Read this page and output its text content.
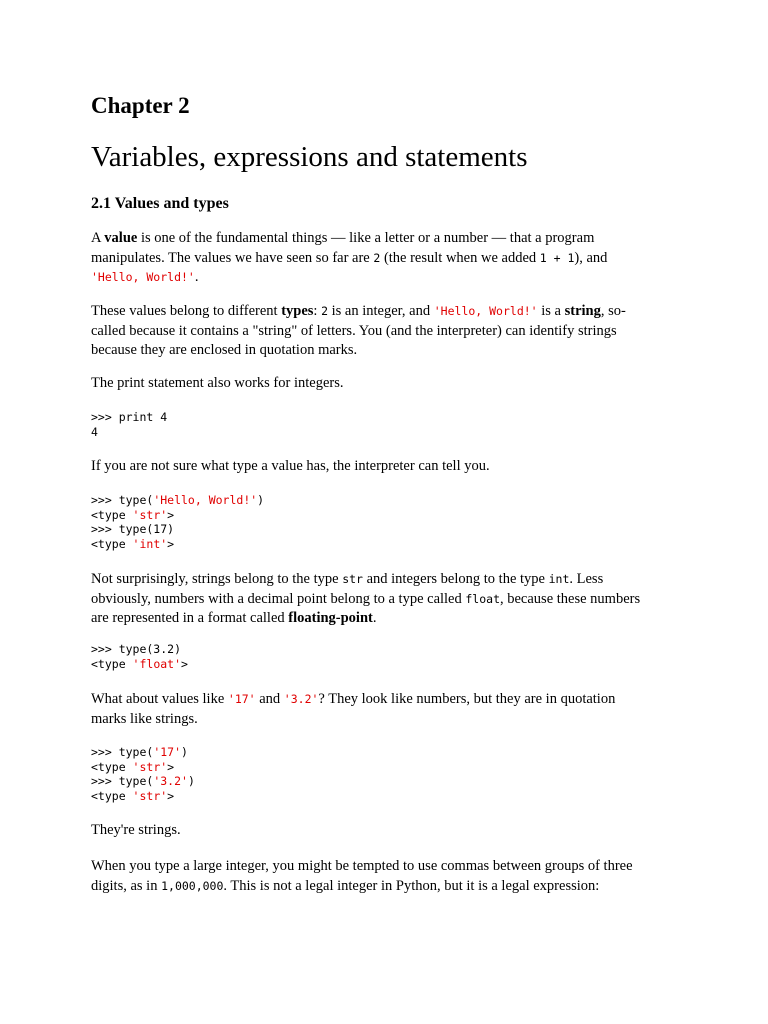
Chapter 2
Variables, expressions and statements
2.1 Values and types
A value is one of the fundamental things — like a letter or a number — that a program
manipulates. The values we have seen so far are 2 (the result when we added 1 + 1), and
'Hello, World!'.
These values belong to different types: 2 is an integer, and 'Hello, World!' is a string, so-
called because it contains a "string" of letters. You (and the interpreter) can identify strings
because they are enclosed in quotation marks.
The print statement also works for integers.
>>> print 4
4
If you are not sure what type a value has, the interpreter can tell you.
>>> type('Hello, World!')
<type 'str'>
>>> type(17)
<type 'int'>
Not surprisingly, strings belong to the type str and integers belong to the type int. Less
obviously, numbers with a decimal point belong to a type called float, because these numbers
are represented in a format called floating-point.
>>> type(3.2)
<type 'float'>
What about values like '17' and '3.2'? They look like numbers, but they are in quotation
marks like strings.
>>> type('17')
<type 'str'>
>>> type('3.2')
<type 'str'>
They're strings.
When you type a large integer, you might be tempted to use commas between groups of three
digits, as in 1,000,000. This is not a legal integer in Python, but it is a legal expression:
